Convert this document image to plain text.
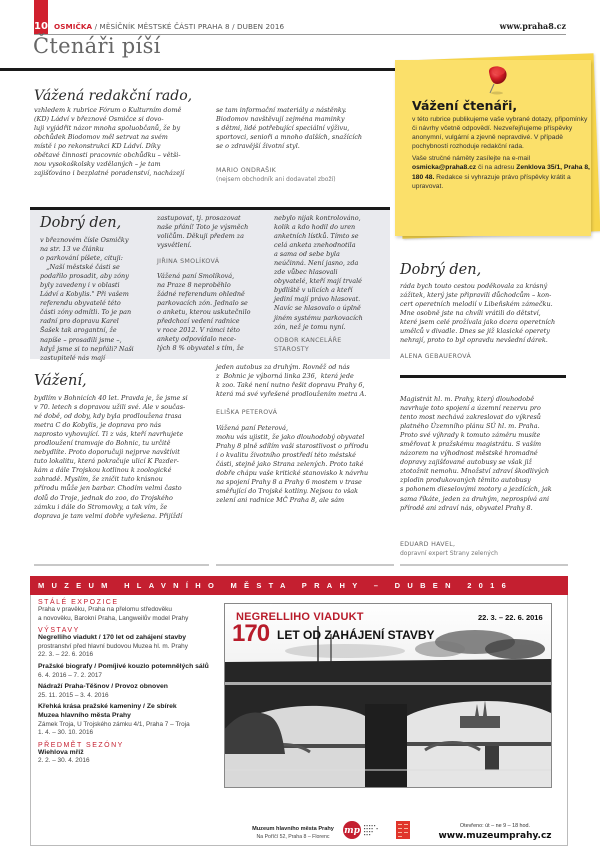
10 OSMIČKA / MĚSÍČNÍK MĚSTSKÉ ČÁSTI PRAHA 8 / DUBEN 2016	www.praha8.cz
Čtenáři píší
Vážená redakční rado,
vzhledem k rubrice Fórum o Kulturním domě
(KD) Ládví v březnové Osmičce si dovo-
luji vyjádřit názor mnoha spoluobčanů, že by
obchůdek Biodomov měl setrvat na svém
místě i po rekonstrukci KD Ládví. Díky
obětavé činnosti pracovnic obchůdku – větši-
nou vysokoškolsky vzdělaných – je tam
zajišťováno i bezplatné poradenství, nacházejí
se tam informační materiály a nástěnky.
Biodomov navštěvují zejména maminky
s dětmi, lidé potřebující speciální výživu,
sportovci, senioři a mnoho dalších, snažících
se o zdravější životní styl.
MARIO ONDRAŠIK
(nejsem obchodník ani dodavatel zboží)
Vážení čtenáři,

v této rubrice publikujeme vaše vybrané dotazy, připomínky či návrhy včetně odpovědí. Nezveřejňujeme příspěvky anonymní, vulgární a zjevně nepravdivé. V případě pochybností rozhoduje redakční rada.

Vaše stručné náměty zasílejte na e-mail osmicka@praha8.cz či na adresu Zenklova 35/1, Praha 8, 180 48. Redakce si vyhrazuje právo příspěvky krátit a upravovat.

Dobrý den,
v březnovém čísle Osmičky
na str. 13 ve článku
o parkování píšete, cituji:
„Naší městské části se
podařilo prosadit, aby zóny
byly zavedeny i v oblasti
Ládví a Kobylis." Při vašem
referendu obyvatelé této
části zóny odmítli. To je pan
radní pro dopravu Karel
Šašek tak arogantní, že
napíše – prosadili jsme –,
když jsme si to nepřáli? Naši
zastupitelé nás mají
zastupovat, tj. prosazovat
naše přání! Toto je výsměch
voličům. Děkuji předem za
vysvětlení.
JIŘINA SMOLÍKOVÁ
Vážená paní Smolíková,
na Praze 8 neproběhlo
žádné referendum ohledně
parkovacích zón. Jednalo se
o anketu, kterou uskutečnilo
předchozí vedení radnice
v roce 2012. V rámci této
ankety odpovídalo nece-
lých 8 % obyvatel s tím, že
nebylo nijak kontrolováno,
kolik a kdo hodil do uren
anketních lístků. Tímto se
celá anketa znehodnotila
a sama od sebe byla
neúčinná. Není jasno, zda
zde vůbec hlasovali
obyvatelé, kteří mají trvalé
bydliště v ulicích a kteří
jediní mají právo hlasovat.
Navíc se hlasovalo o úplně
jiném systému parkovacích
zón, než je tomu nyní.
ODBOR KANCELÁŘE
STAROSTY
Dobrý den,
ráda bych touto cestou poděkovala za krásný
zážitek, který jste připravili důchodcům – kon-
cert operetních melodií v Libeňském zámečku.
Mne osobně jste na chvíli vrátili do dětství,
které jsem celé prožívala jako dcera operetních
umělců v divadle. Dnes se již klasické operety
nehrají, proto to byl opravdu nevšední dárek.
ALENA GEBAUEROVÁ
Vážení,
bydlím v Bohnicích 40 let. Pravda je, že jsme si
v 70. letech s dopravou užili své. Ale v součas-
né době, od doby, kdy byla prodloužena trasa
metra C do Kobylis, je doprava pro nás
naprosto vyhovující. Ti z vás, kteří navrhujete
prodloužení tramvaje do Bohnic, tu určitě
nebydlíte. Proto doporučuji nejprve navštívit
tuto lokalitu, která pokračuje ulicí K Pazder-
kám a dále Trojskou kotlinou k zoologické
zahradě. Myslím, že zničit tuto krásnou
přírodu může jen barbar. Chodím velmi často
dolů do Troje, jednak do zoo, do Trojského
zámku i dále do Stromovky, a tak vím, že
doprava je tam velmi dobře vyřešena. Přijíždí
jeden autobus za druhým. Rovněž od nás
z  Bohnic je výborná linka 236,  která jede
k zoo. Také není nutno řešit dopravu Prahy 6,
která má své vyřešené prodloužením metra A.
ELIŠKA PETEROVÁ
Vážená paní Peterová,
mohu vás ujistit, že jako dlouhodobý obyvatel
Prahy 8 plně sdílím vaši starostlivost o přírodu
i o kvalitu životního prostředí této městské
části, stejně jako Strana zelených. Proto také
dobře chápu vaše kritické stanovisko k návrhu
na spojení Prahy 8 a Prahy 6 mostem v trase
směřující do Trojské kotliny. Nejsou to však
zelení ani radnice MČ Praha 8, ale sám
Magistrát hl. m. Prahy, který dlouhodobě
navrhuje toto spojení a územní rezervu pro
tento most nechává zakreslovat do výkresů
platného Územního plánu SÚ hl. m. Praha.
Proto své výhrady k tomuto záměru musíte
směřovat k pražskému magistrátu. S vaším
názorem na výhodnost městské hromadné
dopravy zajišťované autobusy se však již
ztotožnit nemohu. Množství zdraví škodlivých
zplodin produkovaných těmito autobusy
s pohonem dieselovými motory a jezdících, jak
sama říkáte, jeden za druhým, neprospívá ani
přírodě ani zdraví nás, obyvatel Prahy 8.
EDUARD HAVEL,
dopravní expert Strany zelených
MUZEUM HLAVNÍHO MĚSTA PRAHY – DUBEN 2016
STÁLÉ EXPOZICE
Praha v pravěku, Praha na přelomu středověku
a novověku, Barokní Praha, Langweilův model Prahy
VÝSTAVY
Negrelliho viadukt / 170 let od zahájení stavby
prostranství před hlavní budovou Muzea hl. m. Prahy
22. 3. – 22. 6. 2016
Pražské biografy / Pomíjivé kouzlo potemnělých sálů
6. 4. 2016 – 7. 2. 2017
Nádraží Praha-Těšnov / Provoz obnoven
25. 11. 2015 – 3. 4. 2016
Křehká krása pražské kameniny / Ze sbírek
Muzea hlavního města Prahy
Zámek Troja, U Trojského zámku 4/1, Praha 7 – Troja
1. 4. – 30. 10. 2016
PŘEDMĚT SEZÓNY
Wiehlova mříž
2. 2. – 30. 4. 2016
NEGRELLIHO VIADUKT
170 LET OD ZAHÁJENÍ STAVBY
22. 3. – 22. 6. 2016
Muzeum hlavního města Prahy
Na Poříčí 52, Praha 8 – Florenc
mp	Otevřeno: út – ne 9 – 18 hod.
www.muzeumprahy.cz
